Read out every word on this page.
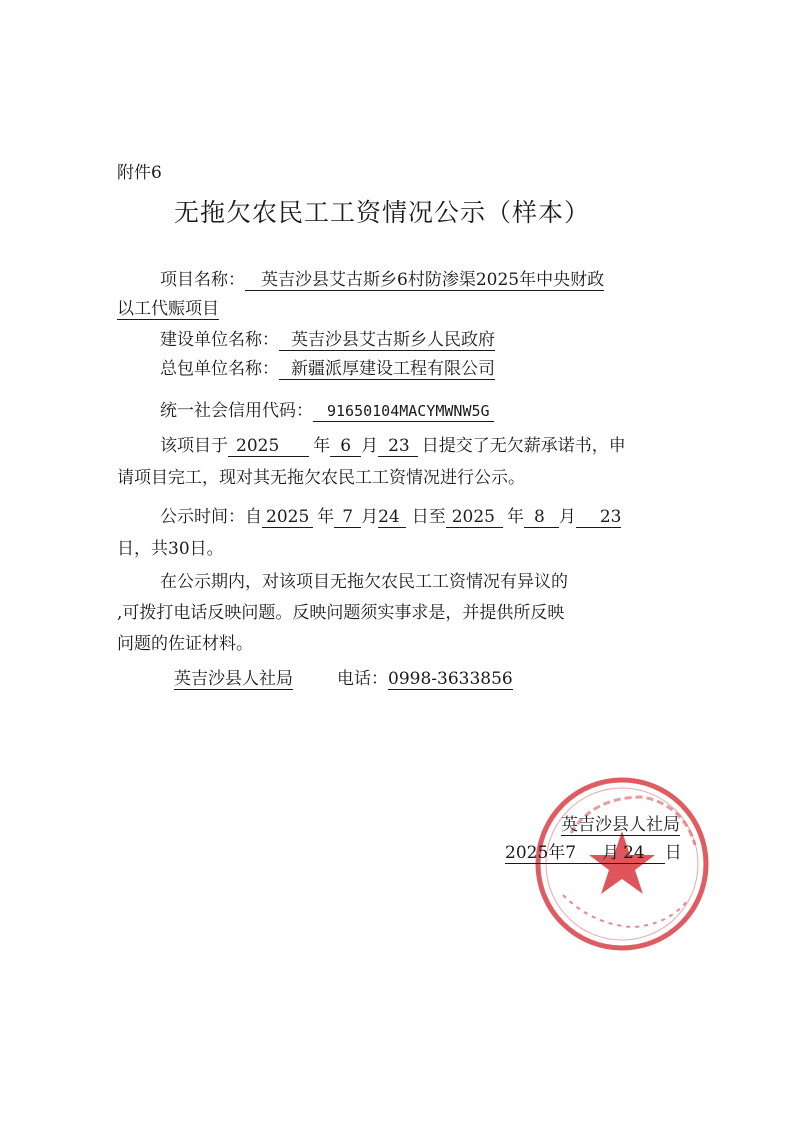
附件6
无拖欠农民工工资情况公示（样本）
项目名称： 英吉沙县艾古斯乡6村防渗渠2025年中央财政
以工代赈项目
建设单位名称： 英吉沙县艾古斯乡人民政府
总包单位名称： 新疆派厚建设工程有限公司
统一社会信用代码： 91650104MACYMWNW5G
该项目于 2025 年 6 月 23 日提交了无欠薪承诺书，申
请项目完工，现对其无拖欠农民工工资情况进行公示。
公示时间：自 2025 年 7 月24 日至 2025 年 8 月 23
日，共30日。
在公示期内，对该项目无拖欠农民工工资情况有异议的
,可拨打电话反映问题。反映问题须实事求是，并提供所反映
问题的佐证材料。
英吉沙县人社局	电话：0998-3633856
英吉沙县人社局
2025年7 月 24 日
